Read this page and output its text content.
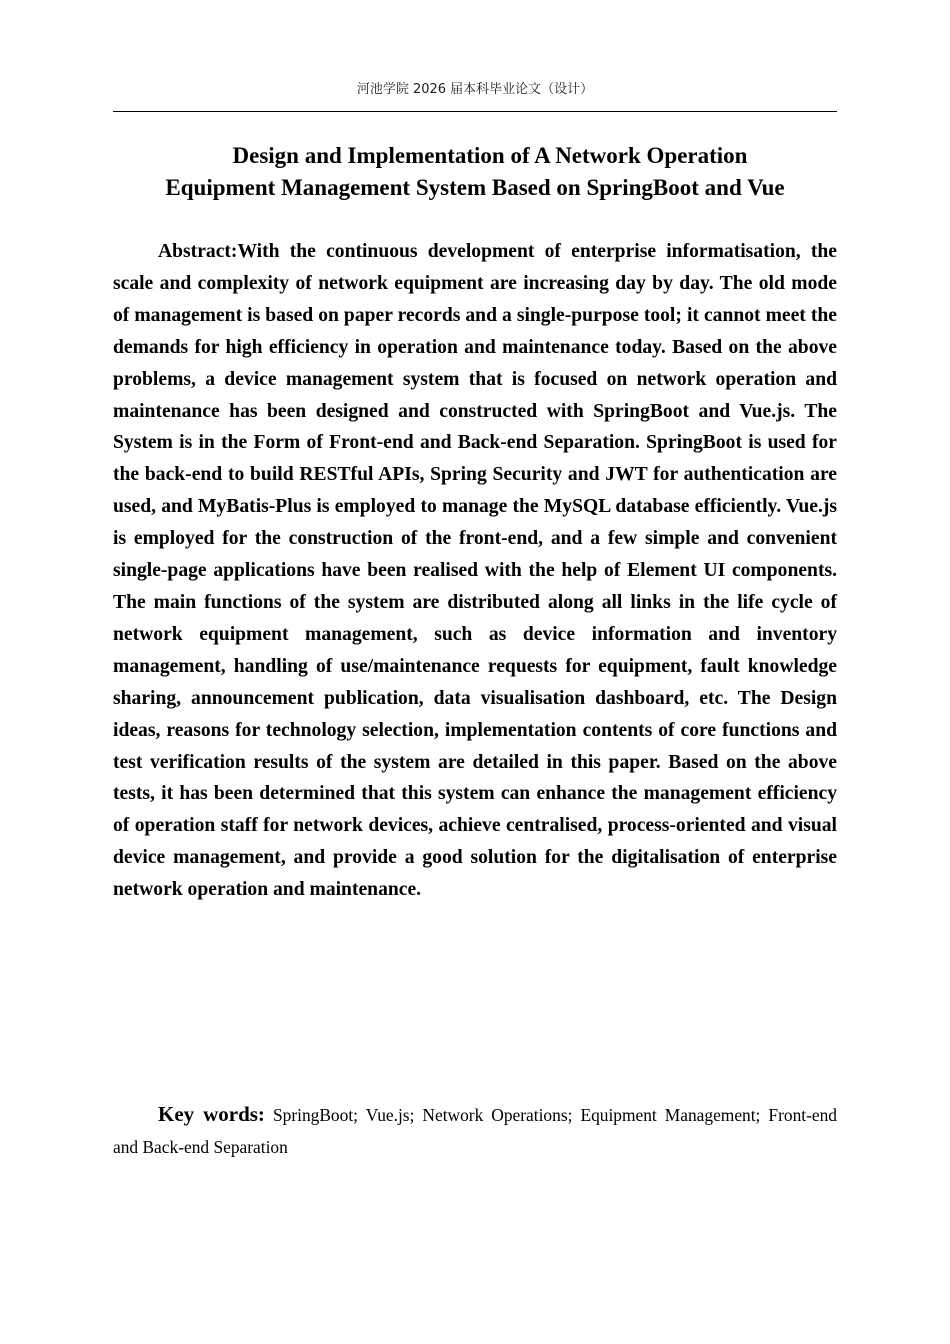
河池学院 2026 届本科毕业论文（设计）
Design and Implementation of A Network Operation
Equipment Management System Based on SpringBoot and Vue

Abstract:With the continuous development of enterprise informatisation, the scale and complexity of network equipment are increasing day by day. The old mode of management is based on paper records and a single-purpose tool; it cannot meet the demands for high efficiency in operation and maintenance today. Based on the above problems, a device management system that is focused on network operation and maintenance has been designed and constructed with SpringBoot and Vue.js. The System is in the Form of Front-end and Back-end Separation. SpringBoot is used for the back-end to build RESTful APIs, Spring Security and JWT for authentication are used, and MyBatis-Plus is employed to manage the MySQL database efficiently. Vue.js is employed for the construction of the front-end, and a few simple and convenient single-page applications have been realised with the help of Element UI components. The main functions of the system are distributed along all links in the life cycle of network equipment management, such as device information and inventory management, handling of use/maintenance requests for equipment, fault knowledge sharing, announcement publication, data visualisation dashboard, etc. The Design ideas, reasons for technology selection, implementation contents of core functions and test verification results of the system are detailed in this paper. Based on the above tests, it has been determined that this system can enhance the management efficiency of operation staff for network devices, achieve centralised, process-oriented and visual device management, and provide a good solution for the digitalisation of enterprise network operation and maintenance.

Key words: SpringBoot; Vue.js; Network Operations; Equipment Management; Front-end and Back-end Separation
